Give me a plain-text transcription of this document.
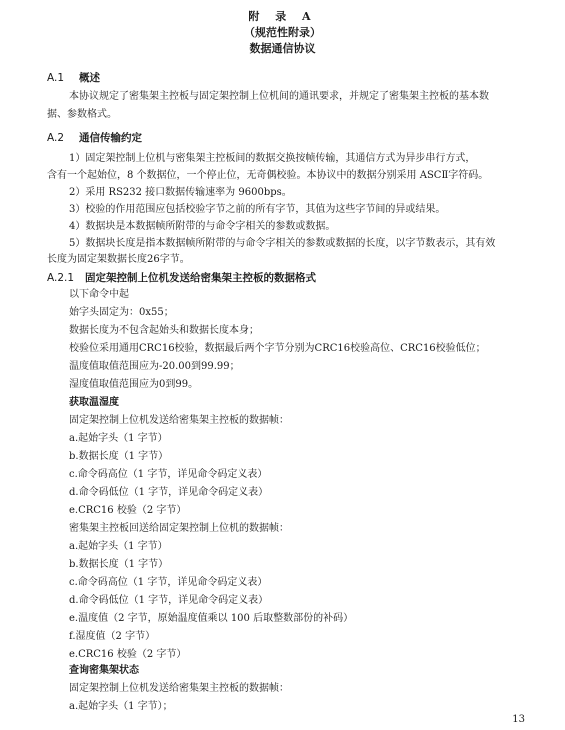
附 录 A
（规范性附录）
数据通信协议
A.1 概述
本协议规定了密集架主控板与固定架控制上位机间的通讯要求，并规定了密集架主控板的基本数
据、参数格式。
A.2 通信传输约定
1）固定架控制上位机与密集架主控板间的数据交换按帧传输，其通信方式为异步串行方式，
含有一个起始位，8 个数据位，一个停止位，无奇偶校验。本协议中的数据分别采用 ASCⅡ字符码。
2）采用 RS232 接口数据传输速率为 9600bps。
3）校验的作用范围应包括校验字节之前的所有字节，其值为这些字节间的异或结果。
4）数据块是本数据帧所附带的与命令字相关的参数或数据。
5）数据块长度是指本数据帧所附带的与命令字相关的参数或数据的长度，以字节数表示，其有效
长度为固定架数据长度26字节。
A.2.1 固定架控制上位机发送给密集架主控板的数据格式
以下命令中起
始字头固定为：0x55；
数据长度为不包含起始头和数据长度本身；
校验位采用通用CRC16校验，数据最后两个字节分别为CRC16校验高位、CRC16校验低位；
温度值取值范围应为-20.00到99.99；
湿度值取值范围应为0到99。
获取温湿度
固定架控制上位机发送给密集架主控板的数据帧：
a.起始字头（1 字节）
b.数据长度（1 字节）
c.命令码高位（1 字节，详见命令码定义表）
d.命令码低位（1 字节，详见命令码定义表）
e.CRC16 校验（2 字节）
密集架主控板回送给固定架控制上位机的数据帧：
a.起始字头（1 字节）
b.数据长度（1 字节）
c.命令码高位（1 字节，详见命令码定义表）
d.命令码低位（1 字节，详见命令码定义表）
e.温度值（2 字节，原始温度值乘以 100 后取整数部份的补码）
f.湿度值（2 字节）
e.CRC16 校验（2 字节）
查询密集架状态
固定架控制上位机发送给密集架主控板的数据帧：
a.起始字头（1 字节）；
13
